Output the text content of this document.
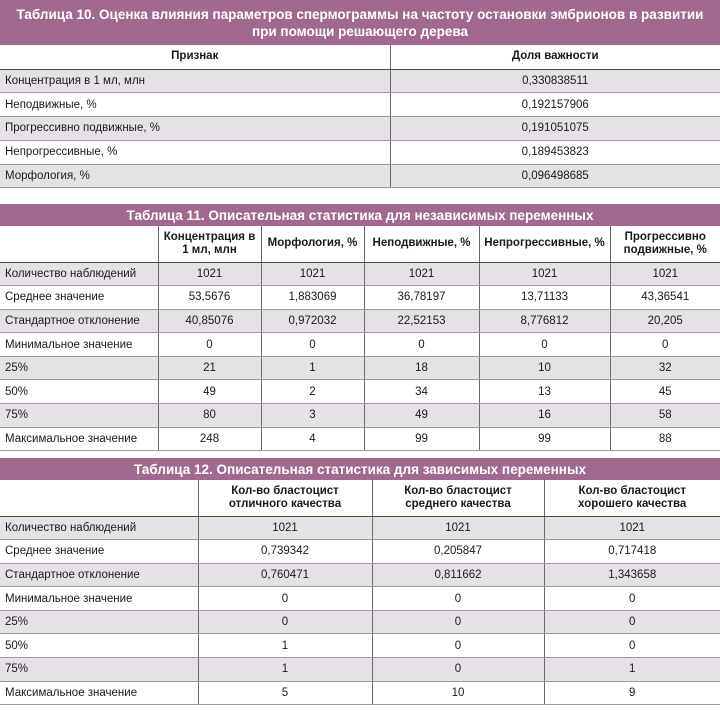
Таблица 10. Оценка влияния параметров спермограммы на частоту остановки эмбрионов в развитии при помощи решающего дерева
Признак	Доля важности
Концентрация в 1 мл, млн	0,330838511
Неподвижные, %	0,192157906
Прогрессивно подвижные, %	0,191051075
Непрогрессивные, %	0,189453823
Морфология, %	0,096498685
Таблица 11. Описательная статистика для независимых переменных
	Концентрация в 1 мл, млн	Морфология, %	Неподвижные, %	Непрогрессивные, %	Прогрессивно подвижные, %
Количество наблюдений	1021	1021	1021	1021	1021
Среднее значение	53,5676	1,883069	36,78197	13,71133	43,36541
Стандартное отклонение	40,85076	0,972032	22,52153	8,776812	20,205
Минимальное значение	0	0	0	0	0
25%	21	1	18	10	32
50%	49	2	34	13	45
75%	80	3	49	16	58
Максимальное значение	248	4	99	99	88
Таблица 12. Описательная статистика для зависимых переменных
	Кол-во бластоцист отличного качества	Кол-во бластоцист среднего качества	Кол-во бластоцист хорошего качества
Количество наблюдений	1021	1021	1021
Среднее значение	0,739342	0,205847	0,717418
Стандартное отклонение	0,760471	0,811662	1,343658
Минимальное значение	0	0	0
25%	0	0	0
50%	1	0	0
75%	1	0	1
Максимальное значение	5	10	9
